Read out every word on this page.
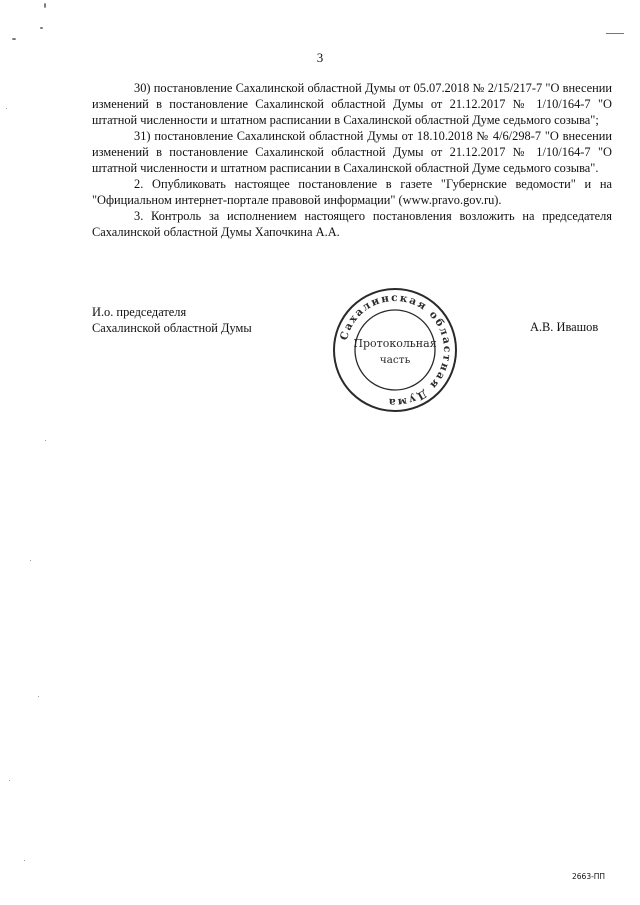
3

30) постановление Сахалинской областной Думы от 05.07.2018 № 2/15/217-7 "О внесении изменений в постановление Сахалинской областной Думы от 21.12.2017 № 1/10/164-7 "О штатной численности и штатном расписании в Сахалинской областной Думе седьмого созыва";

31) постановление Сахалинской областной Думы от 18.10.2018 № 4/6/298-7 "О внесении изменений в постановление Сахалинской областной Думы от 21.12.2017 № 1/10/164-7 "О штатной численности и штатном расписании в Сахалинской областной Думе седьмого созыва".

2. Опубликовать настоящее постановление в газете "Губернские ведомости" и на "Официальном интернет-портале правовой информации" (www.pravo.gov.ru).

3. Контроль за исполнением настоящего постановления возложить на председателя Сахалинской областной Думы Хапочкина А.А.

И.о. председателя
Сахалинской областной Думы	А.В. Ивашов
Сахалинская областная Дума
Протокольная
часть
2663-ПП
